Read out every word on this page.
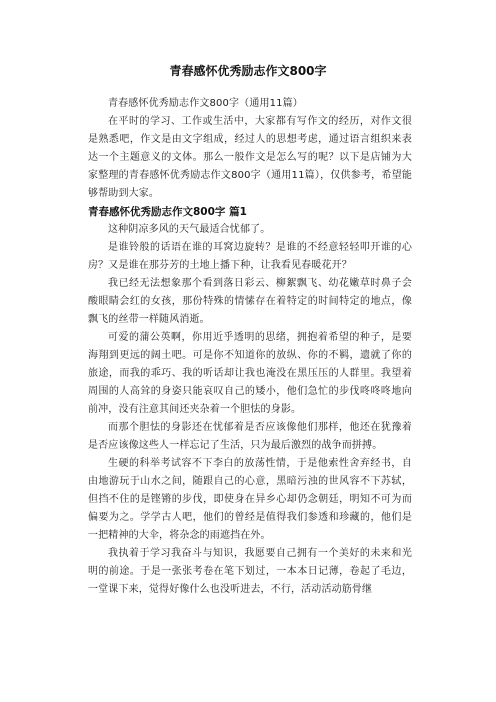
青春感怀优秀励志作文800字

青春感怀优秀励志作文800字（通用11篇）

在平时的学习、工作或生活中，大家都有写作文的经历，对作文很是熟悉吧，作文是由文字组成，经过人的思想考虑，通过语言组织来表达一个主题意义的文体。那么一般作文是怎么写的呢？以下是店铺为大家整理的青春感怀优秀励志作文800字（通用11篇），仅供参考，希望能够帮助到大家。

青春感怀优秀励志作文800字 篇1

这种阴凉多风的天气最适合忧郁了。

是谁铃般的话语在谁的耳窝边旋转？是谁的不经意轻轻叩开谁的心房？又是谁在那芬芳的土地上播下种，让我看见春暖花开？

我已经无法想象那个看到落日彩云、柳絮飘飞、幼花嫩草时鼻子会酸眼睛会红的女孩，那份特殊的情愫存在着特定的时间特定的地点，像飘飞的丝带一样随风消逝。

可爱的蒲公英啊，你用近乎透明的思绪，拥抱着希望的种子，是要海翔到更远的阔土吧。可是你不知道你的放纵、你的不羁，遗就了你的旅途，而我的乖巧、我的听话却让我也淹没在黑压压的人群里。我望着周围的人高耸的身姿只能哀叹自己的矮小，他们急忙的步伐咚咚咚地向前冲，没有注意其间还夹杂着一个胆怯的身影。

而那个胆怯的身影还在忧郁着是否应该像他们那样，他还在犹豫着是否应该像这些人一样忘记了生活，只为最后激烈的战争而拼搏。

生硬的科举考试容不下李白的放荡性情，于是他索性舍弃经书，自由地游玩于山水之间，随跟自己的心意，黑暗污浊的世风容不下苏轼，但挡不住的是铿锵的步伐，即使身在异乡心却仍念朝廷，明知不可为而偏要为之。学学古人吧，他们的曾经是值得我们参透和珍藏的，他们是一把精神的大伞，将杂念的雨遮挡在外。

我执着于学习我奋斗与知识，我愿要自己拥有一个美好的未来和光明的前途。于是一张张考卷在笔下划过，一本本日记薄，卷起了毛边，一堂课下来，觉得好像什么也没听进去，不行，活动活动筋骨继
